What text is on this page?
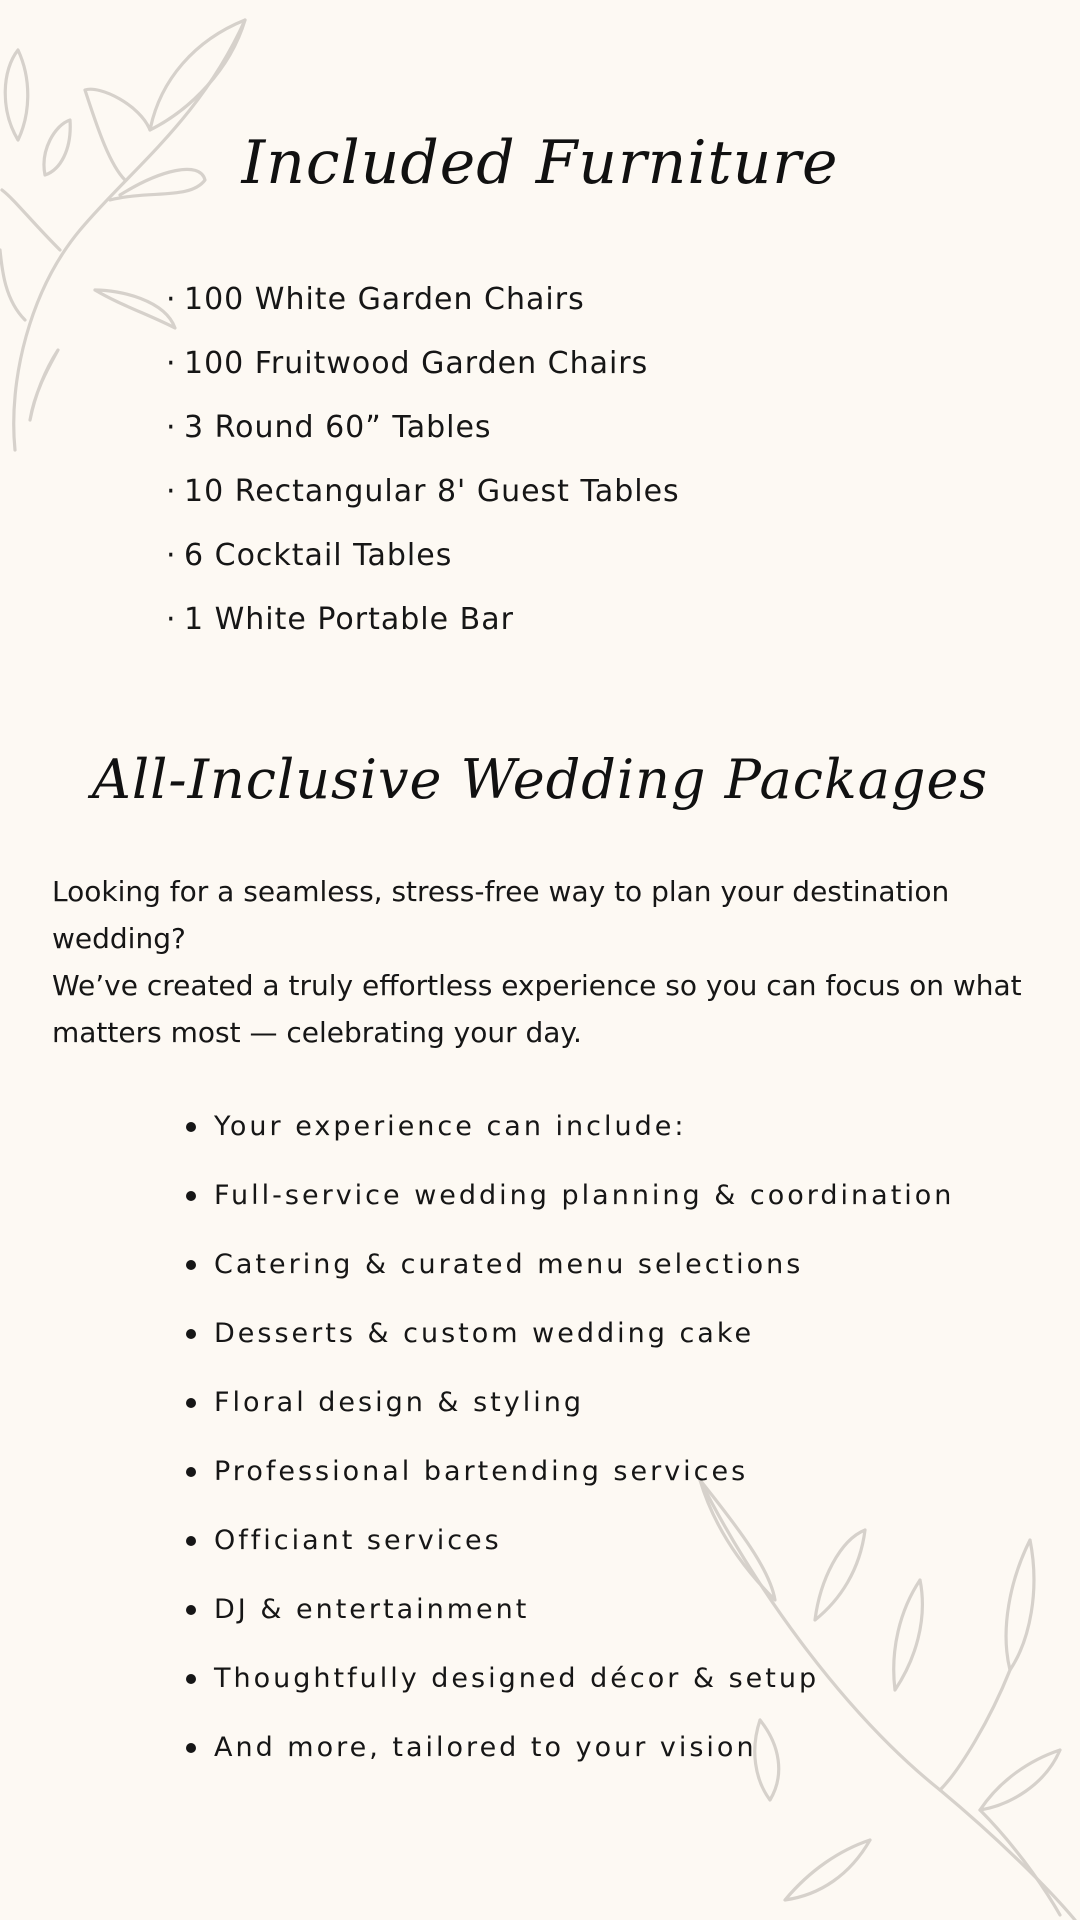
Included Furniture
· 100 White Garden Chairs
· 100 Fruitwood Garden Chairs
· 3 Round 60” Tables
· 10 Rectangular 8' Guest Tables
· 6 Cocktail Tables
· 1 White Portable Bar
All-Inclusive Wedding Packages

Looking for a seamless, stress-free way to plan your destination wedding?

We’ve created a truly effortless experience so you can focus on what matters most — celebrating your day.

Your experience can include:
Full-service wedding planning & coordination
Catering & curated menu selections
Desserts & custom wedding cake
Floral design & styling
Professional bartending services
Officiant services
DJ & entertainment
Thoughtfully designed décor & setup
And more, tailored to your vision
